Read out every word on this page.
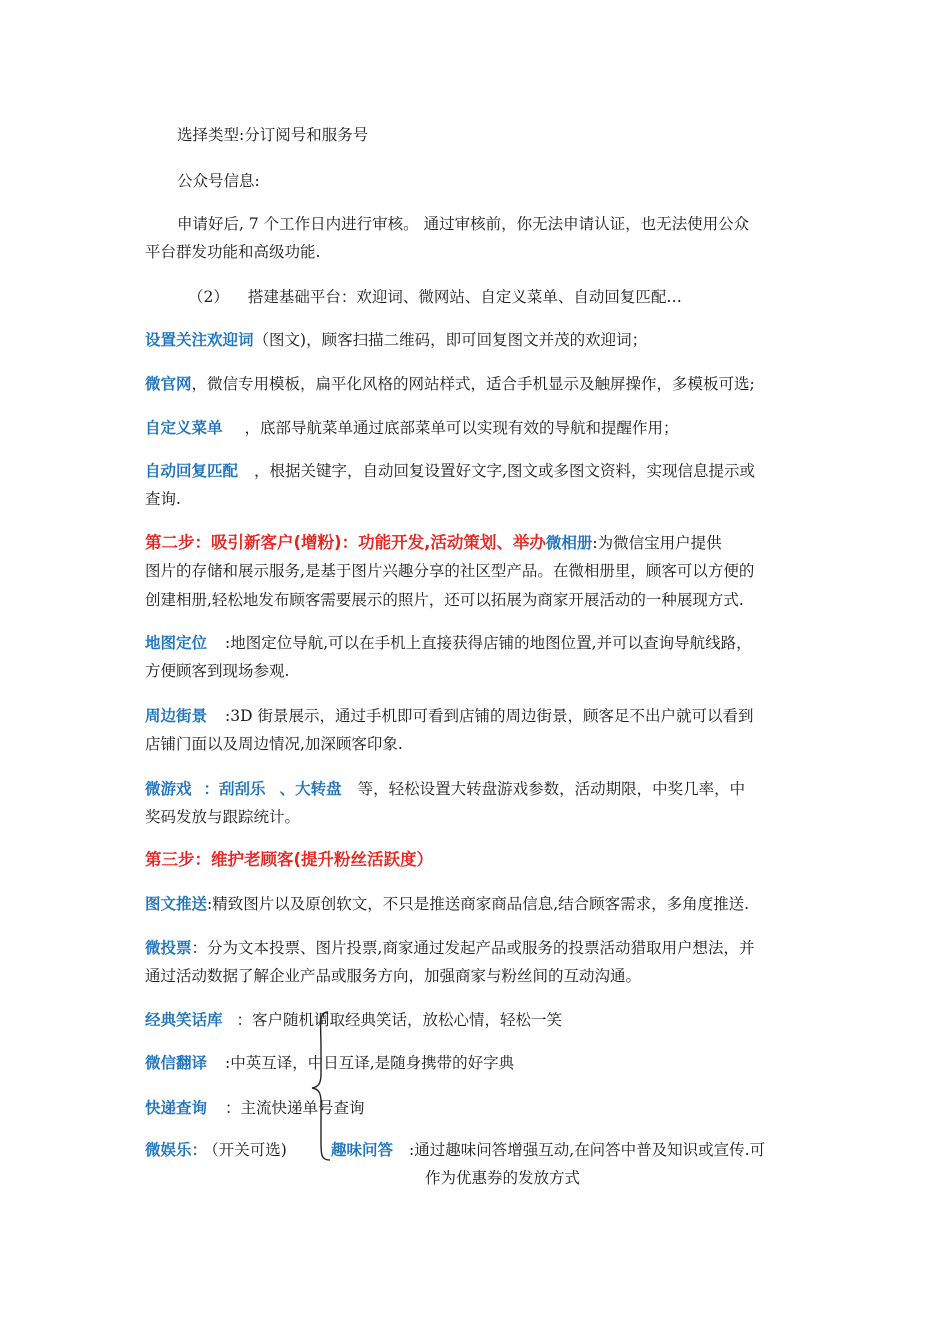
选择类型:分订阅号和服务号
公众号信息:
申请好后, 7 个工作日内进行审核。 通过审核前，你无法申请认证，也无法使用公众
平台群发功能和高级功能.
（2） 搭建基础平台：欢迎词、微网站、自定义菜单、自动回复匹配…
设置关注欢迎词（图文)，顾客扫描二维码，即可回复图文并茂的欢迎词；
微官网，微信专用模板，扁平化风格的网站样式，适合手机显示及触屏操作，多模板可选;
自定义菜单 ，底部导航菜单通过底部菜单可以实现有效的导航和提醒作用；
自动回复匹配 ，根据关键字，自动回复设置好文字,图文或多图文资料，实现信息提示或
查询.
第二步：吸引新客户(增粉)：功能开发,活动策划、举办微相册:为微信宝用户提供
图片的存储和展示服务,是基于图片兴趣分享的社区型产品。在微相册里，顾客可以方便的
创建相册,轻松地发布顾客需要展示的照片，还可以拓展为商家开展活动的一种展现方式.
地图定位 :地图定位导航,可以在手机上直接获得店铺的地图位置,并可以查询导航线路，
方便顾客到现场参观.
周边街景 :3D 街景展示，通过手机即可看到店铺的周边街景，顾客足不出户就可以看到
店铺门面以及周边情况,加深顾客印象.
微游戏 ：刮刮乐 、大转盘 等，轻松设置大转盘游戏参数，活动期限，中奖几率，中
奖码发放与跟踪统计。
第三步：维护老顾客(提升粉丝活跃度）
图文推送:精致图片以及原创软文，不只是推送商家商品信息,结合顾客需求，多角度推送.
微投票：分为文本投票、图片投票,商家通过发起产品或服务的投票活动猎取用户想法，并
通过活动数据了解企业产品或服务方向，加强商家与粉丝间的互动沟通。
经典笑话库 ：客户随机调取经典笑话，放松心情，轻松一笑
微信翻译 :中英互译，中日互译,是随身携带的好字典
快递查询 ：主流快递单号查询
微娱乐： （开关可选)	趣味问答 :通过趣味问答增强互动,在问答中普及知识或宣传.可
作为优惠券的发放方式
